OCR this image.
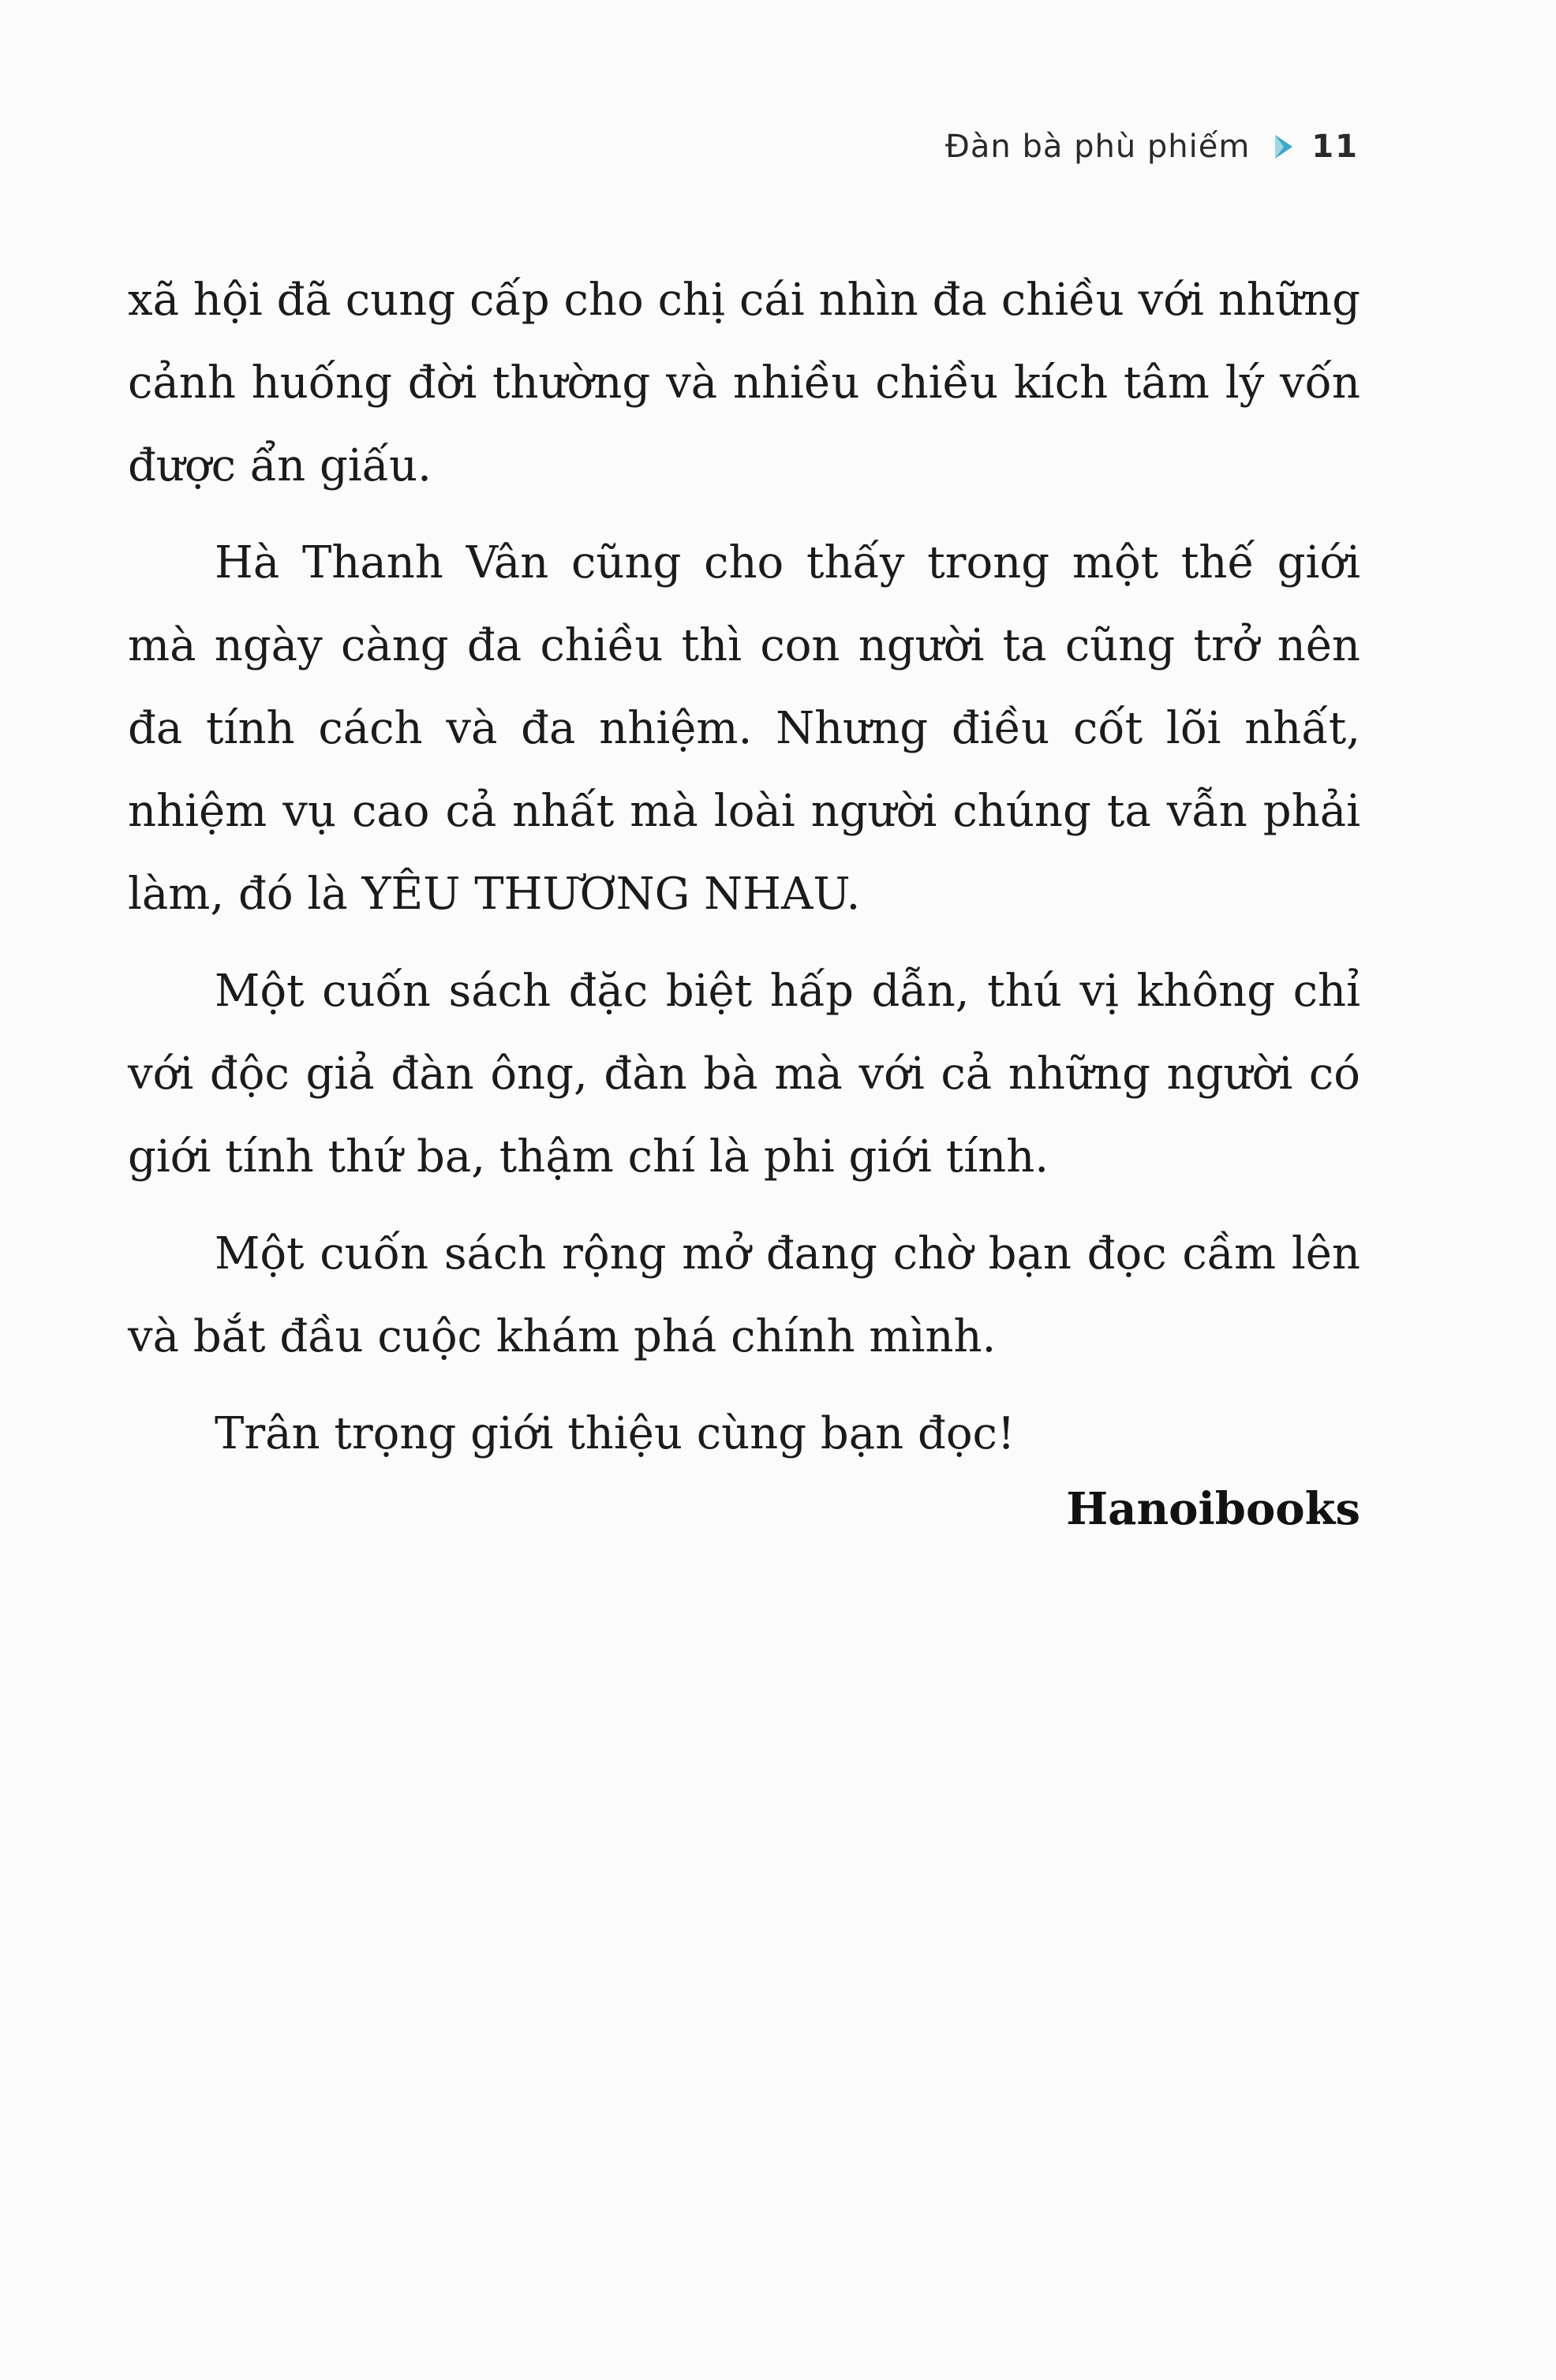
Đàn bà phù phiếm 11

xã hội đã cung cấp cho chị cái nhìn đa chiều với những cảnh huống đời thường và nhiều chiều kích tâm lý vốn được ẩn giấu.

Hà Thanh Vân cũng cho thấy trong một thế giới mà ngày càng đa chiều thì con người ta cũng trở nên đa tính cách và đa nhiệm. Nhưng điều cốt lõi nhất, nhiệm vụ cao cả nhất mà loài người chúng ta vẫn phải làm, đó là YÊU THƯƠNG NHAU.

Một cuốn sách đặc biệt hấp dẫn, thú vị không chỉ với độc giả đàn ông, đàn bà mà với cả những người có giới tính thứ ba, thậm chí là phi giới tính.

Một cuốn sách rộng mở đang chờ bạn đọc cầm lên và bắt đầu cuộc khám phá chính mình.

Trân trọng giới thiệu cùng bạn đọc!

Hanoibooks
